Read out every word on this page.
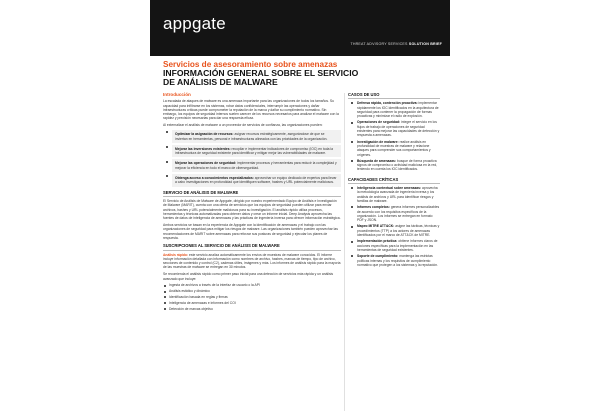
appgate
THREAT ADVISORY SERVICES SOLUTION BRIEF
Servicios de asesoramiento sobre amenazas
INFORMACIÓN GENERAL SOBRE EL SERVICIO
DE ANÁLISIS DE MALWARE
Introducción

La escalada de ataques de malware es una amenaza importante para las organizaciones de todos los tamaños. Su capacidad para infiltrarse en los sistemas, robar datos confidenciales, interrumpir las operaciones y dañar infraestructuras críticas puede comprometer la reputación de la marca y dañar su cumplimiento normativo. Sin embargo, los equipos de seguridad internos suelen carecer de los recursos necesarios para analizar el malware con la rapidez y precisión necesarias para dar una respuesta eficaz.

Al externalizar el análisis de malware a un proveedor de servicios de confianza, las organizaciones pueden:

Optimizar la asignación de recursos: asignar recursos estratégicamente, asegurándose de que se inviertan en herramientas, personal e infraestructuras alineados con las prioridades de la organización.
Mejorar las inversiones existentes: recopilar e implementar indicadores de compromiso (IOC) en toda la infraestructura de seguridad existente para identificar y mitigar mejor las vulnerabilidades de malware.
Mejorar las operaciones de seguridad: implementar procesos y herramientas para reducir la complejidad y mejorar la eficiencia en todo el marco de ciberseguridad.
Obtenga acceso a conocimientos especializados: aprovechar un equipo dedicado de expertos para llevar a cabo investigaciones en profundidad que identifiquen software, hashes y URL potencialmente maliciosos.
SERVICIO DE ANÁLISIS DE MALWARE

El Servicio de Análisis de Malware de Appgate, dirigido por nuestro experimentado Equipo de Análisis e Investigación de Malware (MARIT), cuenta con una oferta de servicios que los equipos de seguridad pueden utilizar para enviar archivos, hashes y URL potencialmente maliciosos para su investigación. El análisis rápido utiliza procesos, herramientas y técnicas automatizadas para obtener datos y crear un informe inicial. Deep Analysis aprovecha las fuentes de datos de inteligencia de amenazas y las prácticas de ingeniería inversa para ofrecer información estratégica.

Ambos servicios se basan en la experiencia de Appgate con la identificación de amenazas y el trabajo con las organizaciones de seguridad para mitigar los riesgos de malware. Las organizaciones también pueden aprovechar las recomendaciones de MARIT sobre amenazas para reforzar sus posturas de seguridad y ejecutar los planes de respuesta.

SUSCRIPCIONES AL SERVICIO DE ANÁLISIS DE MALWARE

Análisis rápido: este servicio analiza automáticamente los envíos de muestras de malware conocidos. El informe incluye información detallada con información como nombres de archivo, hashes, marcas de tiempo, tipo de archivo, secciones de contenido y control (C2), cadenas útiles, imágenes y más. Los informes de análisis rápido para la mayoría de las muestras de malware se entregan en 30 minutos.

Se recomienda el análisis rápido como primer paso inicial para una detección de servicios más rápida y un análisis avanzado que incluye:

Ingesta de archivos a través de la interfaz de usuario o la API
Análisis estático y dinámico
Identificación basada en reglas y firmas
Inteligencia de amenazas e informes del COI
Detección de marcas objetivo
CASOS DE USO
Defensa rápida, contención proactiva: implementar rápidamente los IOC identificados en la arquitectura de seguridad para contener la propagación de formas proactivas y minimizar el radio de explosión.
Operaciones de seguridad: integre el servicio en los flujos de trabajo de operaciones de seguridad existentes para mejorar las capacidades de detección y respuesta a amenazas.
Investigación de malware: realice análisis en profundidad de muestras de malware y relacione ataques para comprender sus comportamientos y orígenes.
Búsqueda de amenazas: busque de forma proactiva signos de compromiso o actividad maliciosa en la red, teniendo en cuenta los IOC identificados.
CAPACIDADES CRÍTICAS
Inteligencia contextual sobre amenazas: aprovecha la metodología avanzada de ingeniería inversa y los análisis de archivos y URL para identificar riesgos y familias de malware.
Informes completos: genera informes personalizables de acuerdo con los requisitos específicos de la organización. Los informes se entregan en formato PDF y JSON.
Mapeo MITRE ATT&CK: asigne las tácticas, técnicas y procedimientos (TTP) a los actores de amenazas identificados por el marco de ATT&CK de MITRE.
Implementación práctica: obtiene informes claros de acciones específicas para la implementación en las herramientas de seguridad existentes.
Soporte de cumplimiento: mantenga las estrictas políticas internas y los requisitos de cumplimiento normativo que protegen a los sistemas y la reputación.
